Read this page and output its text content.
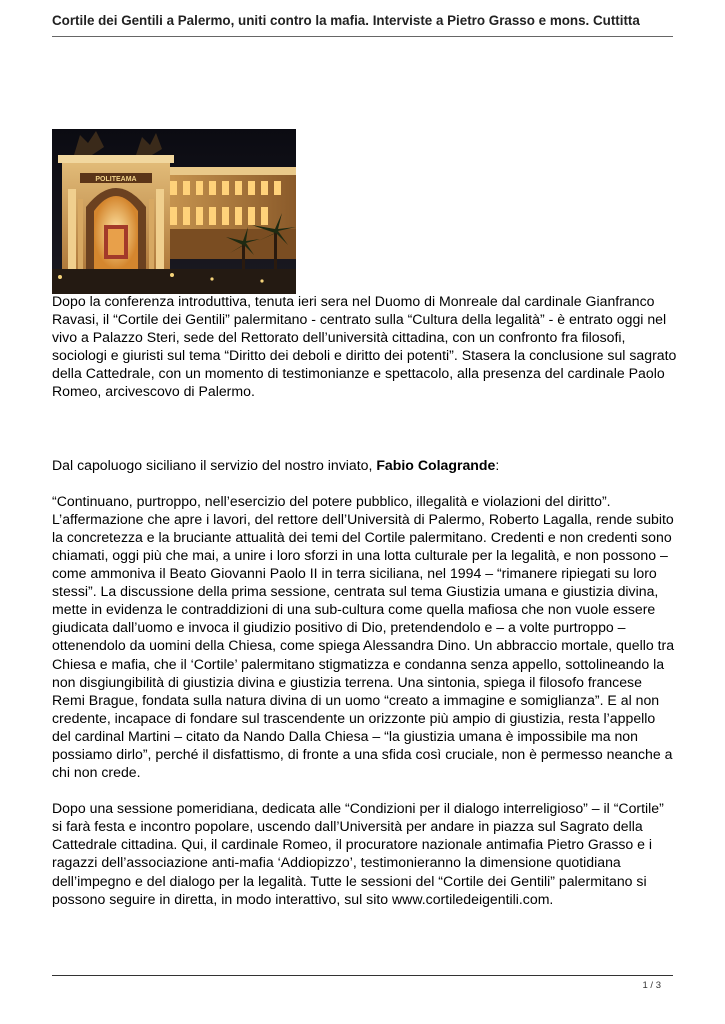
Cortile dei Gentili a Palermo, uniti contro la mafia. Interviste a Pietro Grasso e mons. Cuttitta
POLITEAMA

Dopo la conferenza introduttiva, tenuta ieri sera nel Duomo di Monreale dal cardinale Gianfranco Ravasi, il “Cortile dei Gentili” palermitano - centrato sulla “Cultura della legalità” - è entrato oggi nel vivo a Palazzo Steri, sede del Rettorato dell’università cittadina, con un confronto fra filosofi, sociologi e giuristi sul tema “Diritto dei deboli e diritto dei potenti”. Stasera la conclusione sul sagrato della Cattedrale, con un momento di testimonianze e spettacolo, alla presenza del cardinale Paolo Romeo, arcivescovo di Palermo.

Dal capoluogo siciliano il servizio del nostro inviato, Fabio Colagrande:

“Continuano, purtroppo, nell’esercizio del potere pubblico, illegalità e violazioni del diritto”. L’affermazione che apre i lavori, del rettore dell’Università di Palermo, Roberto Lagalla, rende subito la concretezza e la bruciante attualità dei temi del Cortile palermitano. Credenti e non credenti sono chiamati, oggi più che mai, a unire i loro sforzi in una lotta culturale per la legalità, e non possono – come ammoniva il Beato Giovanni Paolo II in terra siciliana, nel 1994 – “rimanere ripiegati su loro stessi”. La discussione della prima sessione, centrata sul tema Giustizia umana e giustizia divina, mette in evidenza le contraddizioni di una sub-cultura come quella mafiosa che non vuole essere giudicata dall’uomo e invoca il giudizio positivo di Dio, pretendendolo e – a volte purtroppo – ottenendolo da uomini della Chiesa, come spiega Alessandra Dino. Un abbraccio mortale, quello tra Chiesa e mafia, che il ‘Cortile’ palermitano stigmatizza e condanna senza appello, sottolineando la non disgiungibilità di giustizia divina e giustizia terrena. Una sintonia, spiega il filosofo francese Remi Brague, fondata sulla natura divina di un uomo “creato a immagine e somiglianza”. E al non credente, incapace di fondare sul trascendente un orizzonte più ampio di giustizia, resta l’appello del cardinal Martini – citato da Nando Dalla Chiesa – “la giustizia umana è impossibile ma non possiamo dirlo”, perché il disfattismo, di fronte a una sfida così cruciale, non è permesso neanche a chi non crede.

Dopo una sessione pomeridiana, dedicata alle “Condizioni per il dialogo interreligioso” – il “Cortile” si farà festa e incontro popolare, uscendo dall’Università per andare in piazza sul Sagrato della Cattedrale cittadina. Qui, il cardinale Romeo, il procuratore nazionale antimafia Pietro Grasso e i ragazzi dell’associazione anti-mafia ‘Addiopizzo’, testimonieranno la dimensione quotidiana dell’impegno e del dialogo per la legalità. Tutte le sessioni del “Cortile dei Gentili” palermitano si possono seguire in diretta, in modo interattivo, sul sito www.cortiledeigentili.com.

1 / 3
